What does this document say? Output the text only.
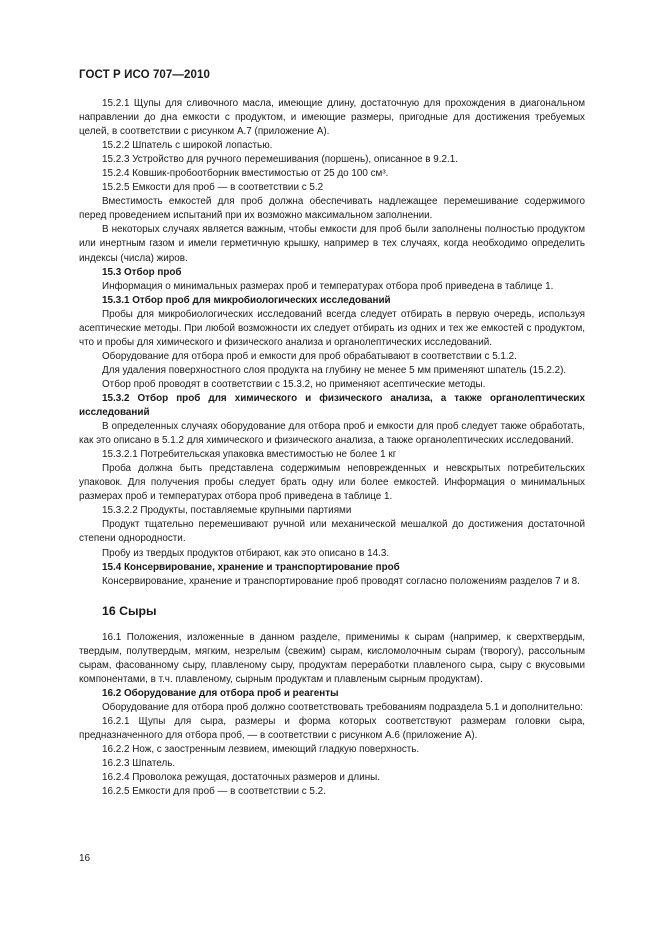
ГОСТ Р ИСО 707—2010

15.2.1 Щупы для сливочного масла, имеющие длину, достаточную для прохождения в диагональном направлении до дна емкости с продуктом, и имеющие размеры, пригодные для достижения требуемых целей, в соответствии с рисунком А.7 (приложение А).

15.2.2 Шпатель с широкой лопастью.

15.2.3 Устройство для ручного перемешивания (поршень), описанное в 9.2.1.

15.2.4 Ковшик-пробоотборник вместимостью от 25 до 100 см³.

15.2.5 Емкости для проб — в соответствии с 5.2

Вместимость емкостей для проб должна обеспечивать надлежащее перемешивание содержимого перед проведением испытаний при их возможно максимальном заполнении.

В некоторых случаях является важным, чтобы емкости для проб были заполнены полностью продуктом или инертным газом и имели герметичную крышку, например в тех случаях, когда необходимо определить индексы (числа) жиров.

15.3 Отбор проб

Информация о минимальных размерах проб и температурах отбора проб приведена в таблице 1.

15.3.1 Отбор проб для микробиологических исследований

Пробы для микробиологических исследований всегда следует отбирать в первую очередь, используя асептические методы. При любой возможности их следует отбирать из одних и тех же емкостей с продуктом, что и пробы для химического и физического анализа и органолептических исследований.

Оборудование для отбора проб и емкости для проб обрабатывают в соответствии с 5.1.2.

Для удаления поверхностного слоя продукта на глубину не менее 5 мм применяют шпатель (15.2.2).

Отбор проб проводят в соответствии с 15.3.2, но применяют асептические методы.

15.3.2 Отбор проб для химического и физического анализа, а также органолептических исследований

В определенных случаях оборудование для отбора проб и емкости для проб следует также обработать, как это описано в 5.1.2 для химического и физического анализа, а также органолептических исследований.

15.3.2.1 Потребительская упаковка вместимостью не более 1 кг

Проба должна быть представлена содержимым неповрежденных и невскрытых потребительских упаковок. Для получения пробы следует брать одну или более емкостей. Информация о минимальных размерах проб и температурах отбора проб приведена в таблице 1.

15.3.2.2 Продукты, поставляемые крупными партиями

Продукт тщательно перемешивают ручной или механической мешалкой до достижения достаточной степени однородности.

Пробу из твердых продуктов отбирают, как это описано в 14.3.

15.4 Консервирование, хранение и транспортирование проб

Консервирование, хранение и транспортирование проб проводят согласно положениям разделов 7 и 8.

16 Сыры

16.1 Положения, изложенные в данном разделе, применимы к сырам (например, к сверхтвердым, твердым, полутвердым, мягким, незрелым (свежим) сырам, кисломолочным сырам (творогу), рассольным сырам, фасованному сыру, плавленому сыру, продуктам переработки плавленого сыра, сыру с вкусовыми компонентами, в т.ч. плавленому, сырным продуктам и плавленым сырным продуктам).

16.2 Оборудование для отбора проб и реагенты

Оборудование для отбора проб должно соответствовать требованиям подраздела 5.1 и дополнительно:

16.2.1 Щупы для сыра, размеры и форма которых соответствуют размерам головки сыра, предназначенного для отбора проб, — в соответствии с рисунком А.6 (приложение А).

16.2.2 Нож, с заостренным лезвием, имеющий гладкую поверхность.

16.2.3 Шпатель.

16.2.4 Проволока режущая, достаточных размеров и длины.

16.2.5 Емкости для проб — в соответствии с 5.2.

16
